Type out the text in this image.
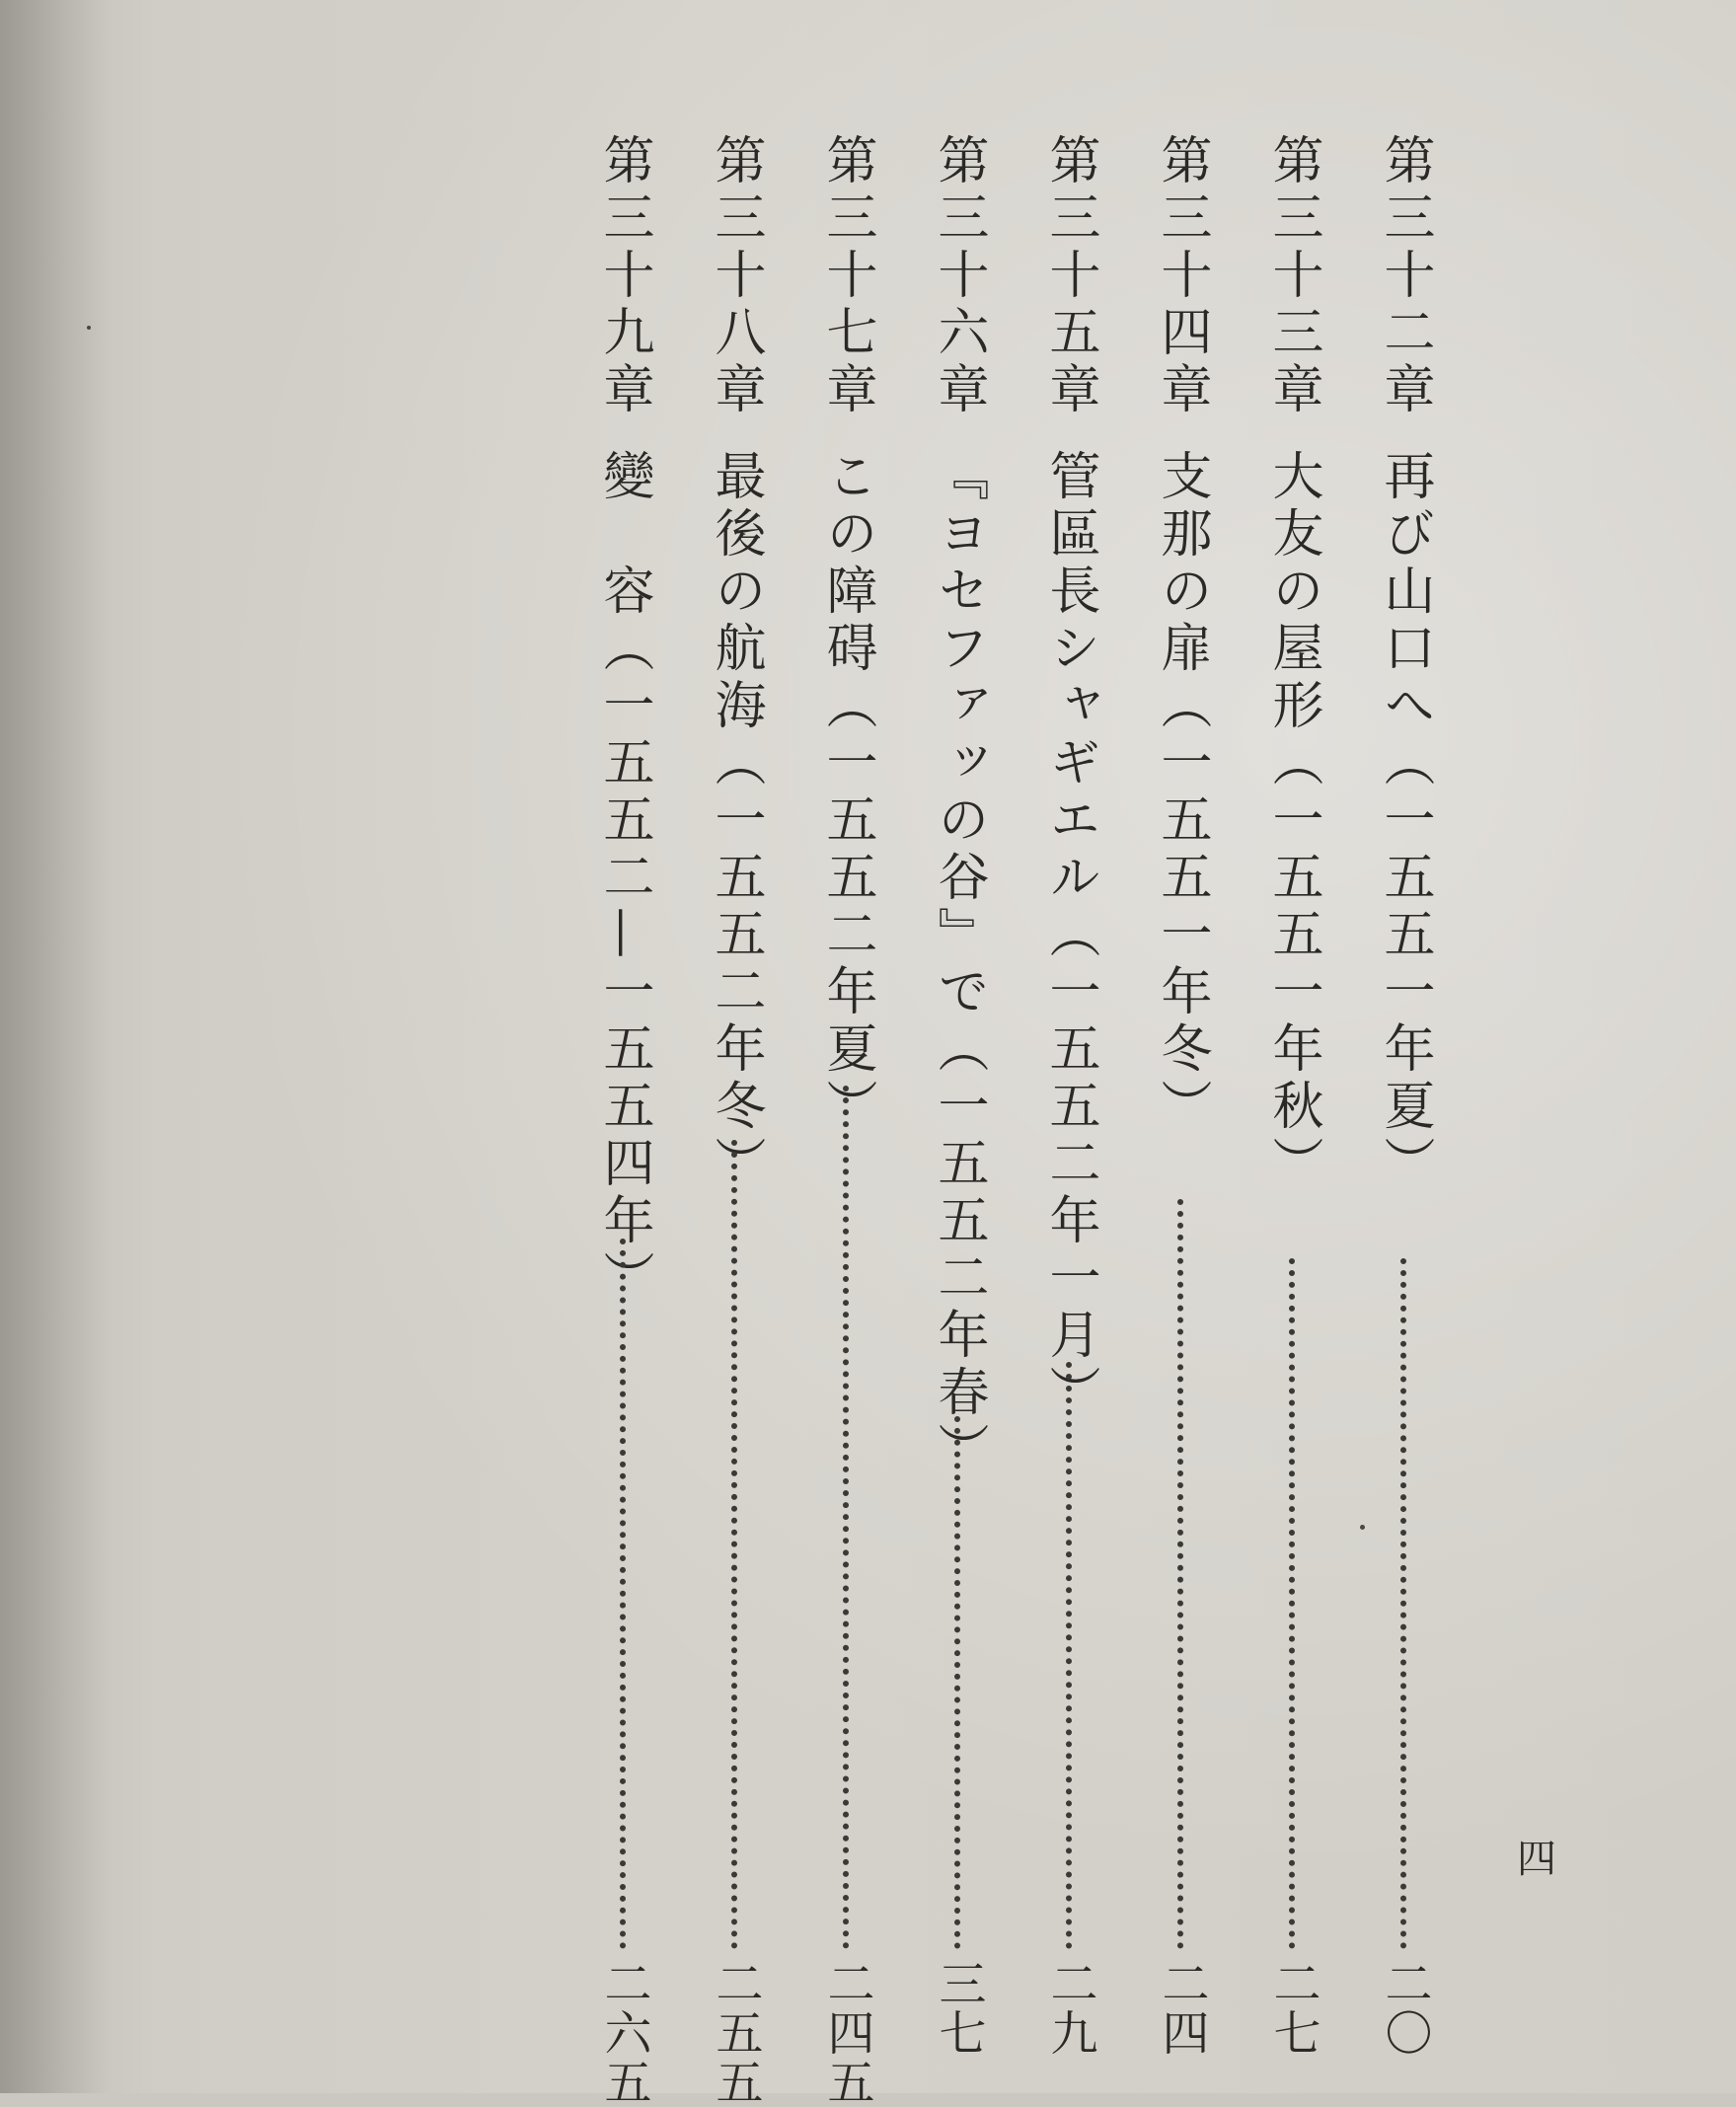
第三十二章再び山口へ（一五五一年夏）
二〇
第三十三章大友の屋形（一五五一年秋）
二七
第三十四章支那の扉（一五五一年冬）
二四
第三十五章管區長シャギエル（一五五二年一月）
二九
第三十六章『ヨセファッの谷』で（一五五二年春）
三七
第三十七章この障碍（一五五二年夏）
二四五
第三十八章最後の航海（一五五二年冬）
二五五
第三十九章變　容（一五五二—一五五四年）
二六五
四
